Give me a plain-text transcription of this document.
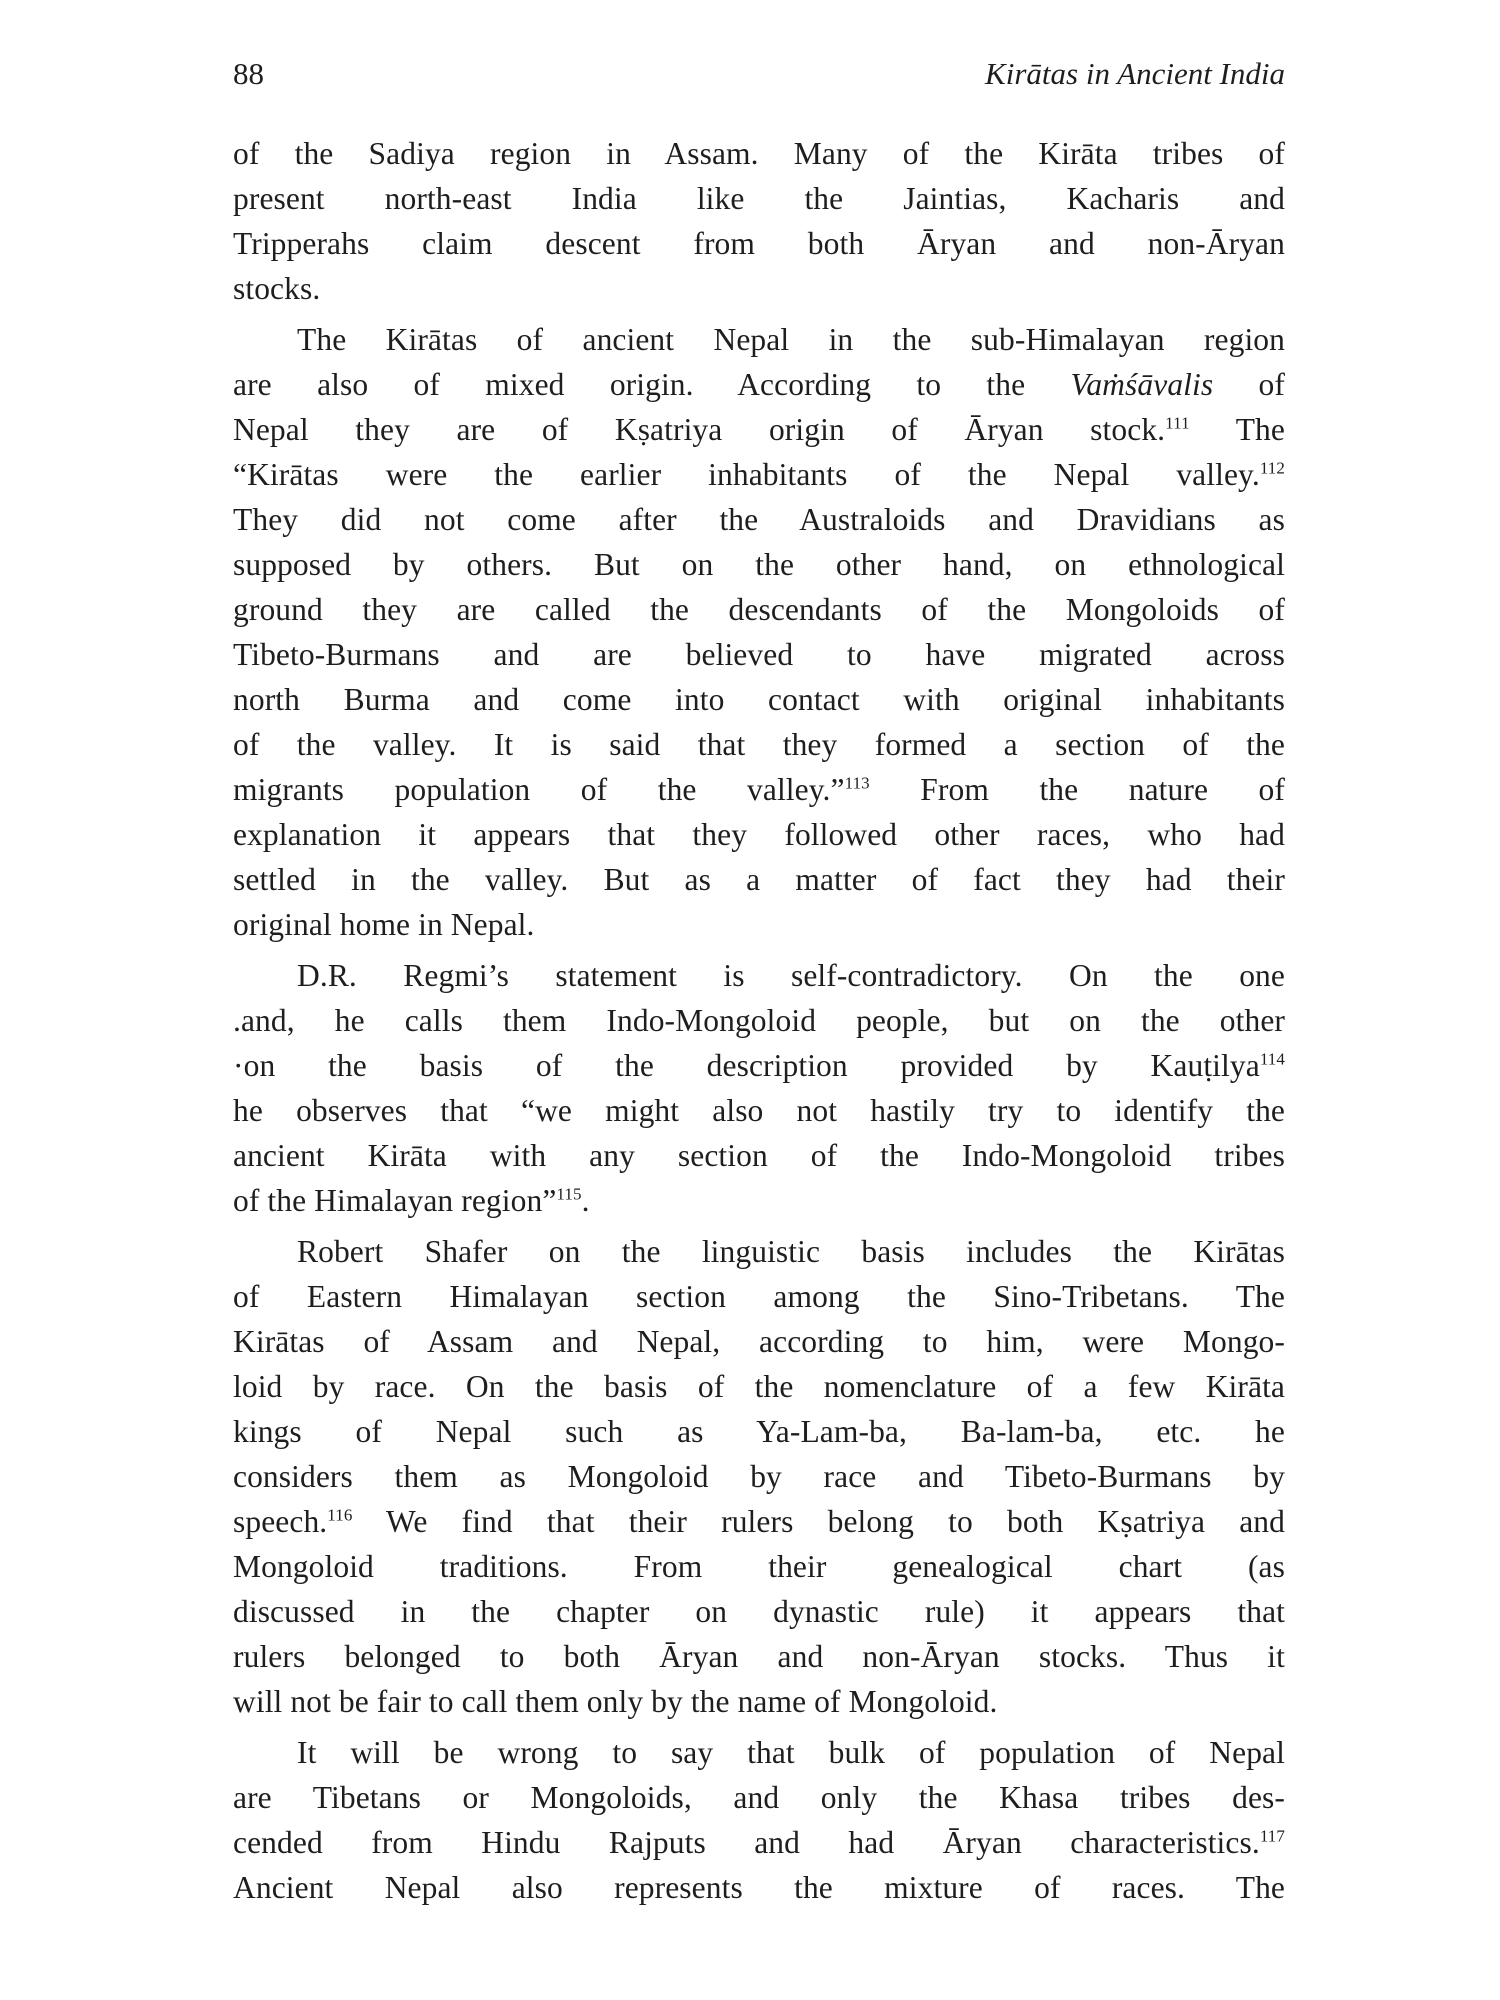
88	Kirātas in Ancient India
of the Sadiya region in Assam. Many of the Kirāta tribes of
present north-east India like the Jaintias, Kacharis and
Tripperahs claim descent from both Āryan and non-Āryan
stocks.
The Kirātas of ancient Nepal in the sub-Himalayan region
are also of mixed origin. According to the Vaṁśāvalis of
Nepal they are of Kṣatriya origin of Āryan stock.$^{111}$ The
“Kirātas were the earlier inhabitants of the Nepal valley.$^{112}$
They did not come after the Australoids and Dravidians as
supposed by others. But on the other hand, on ethnological
ground they are called the descendants of the Mongoloids of
Tibeto-Burmans and are believed to have migrated across
north Burma and come into contact with original inhabitants
of the valley. It is said that they formed a section of the
migrants population of the valley.”$^{113}$ From the nature of
explanation it appears that they followed other races, who had
settled in the valley. But as a matter of fact they had their
original home in Nepal.
D.R. Regmi’s statement is self-contradictory. On the one
.and, he calls them Indo-Mongoloid people, but on the other
·on the basis of the description provided by Kauṭilya$^{114}$
he observes that “we might also not hastily try to identify the
ancient Kirāta with any section of the Indo-Mongoloid tribes
of the Himalayan region”$^{115}$.
Robert Shafer on the linguistic basis includes the Kirātas
of Eastern Himalayan section among the Sino-Tribetans. The
Kirātas of Assam and Nepal, according to him, were Mongo-
loid by race. On the basis of the nomenclature of a few Kirāta
kings of Nepal such as Ya-Lam-ba, Ba-lam-ba, etc. he
considers them as Mongoloid by race and Tibeto-Burmans by
speech.$^{116}$ We find that their rulers belong to both Kṣatriya and
Mongoloid traditions. From their genealogical chart (as
discussed in the chapter on dynastic rule) it appears that
rulers belonged to both Āryan and non-Āryan stocks. Thus it
will not be fair to call them only by the name of Mongoloid.
It will be wrong to say that bulk of population of Nepal
are Tibetans or Mongoloids, and only the Khasa tribes des-
cended from Hindu Rajputs and had Āryan characteristics.$^{117}$
Ancient Nepal also represents the mixture of races. The
